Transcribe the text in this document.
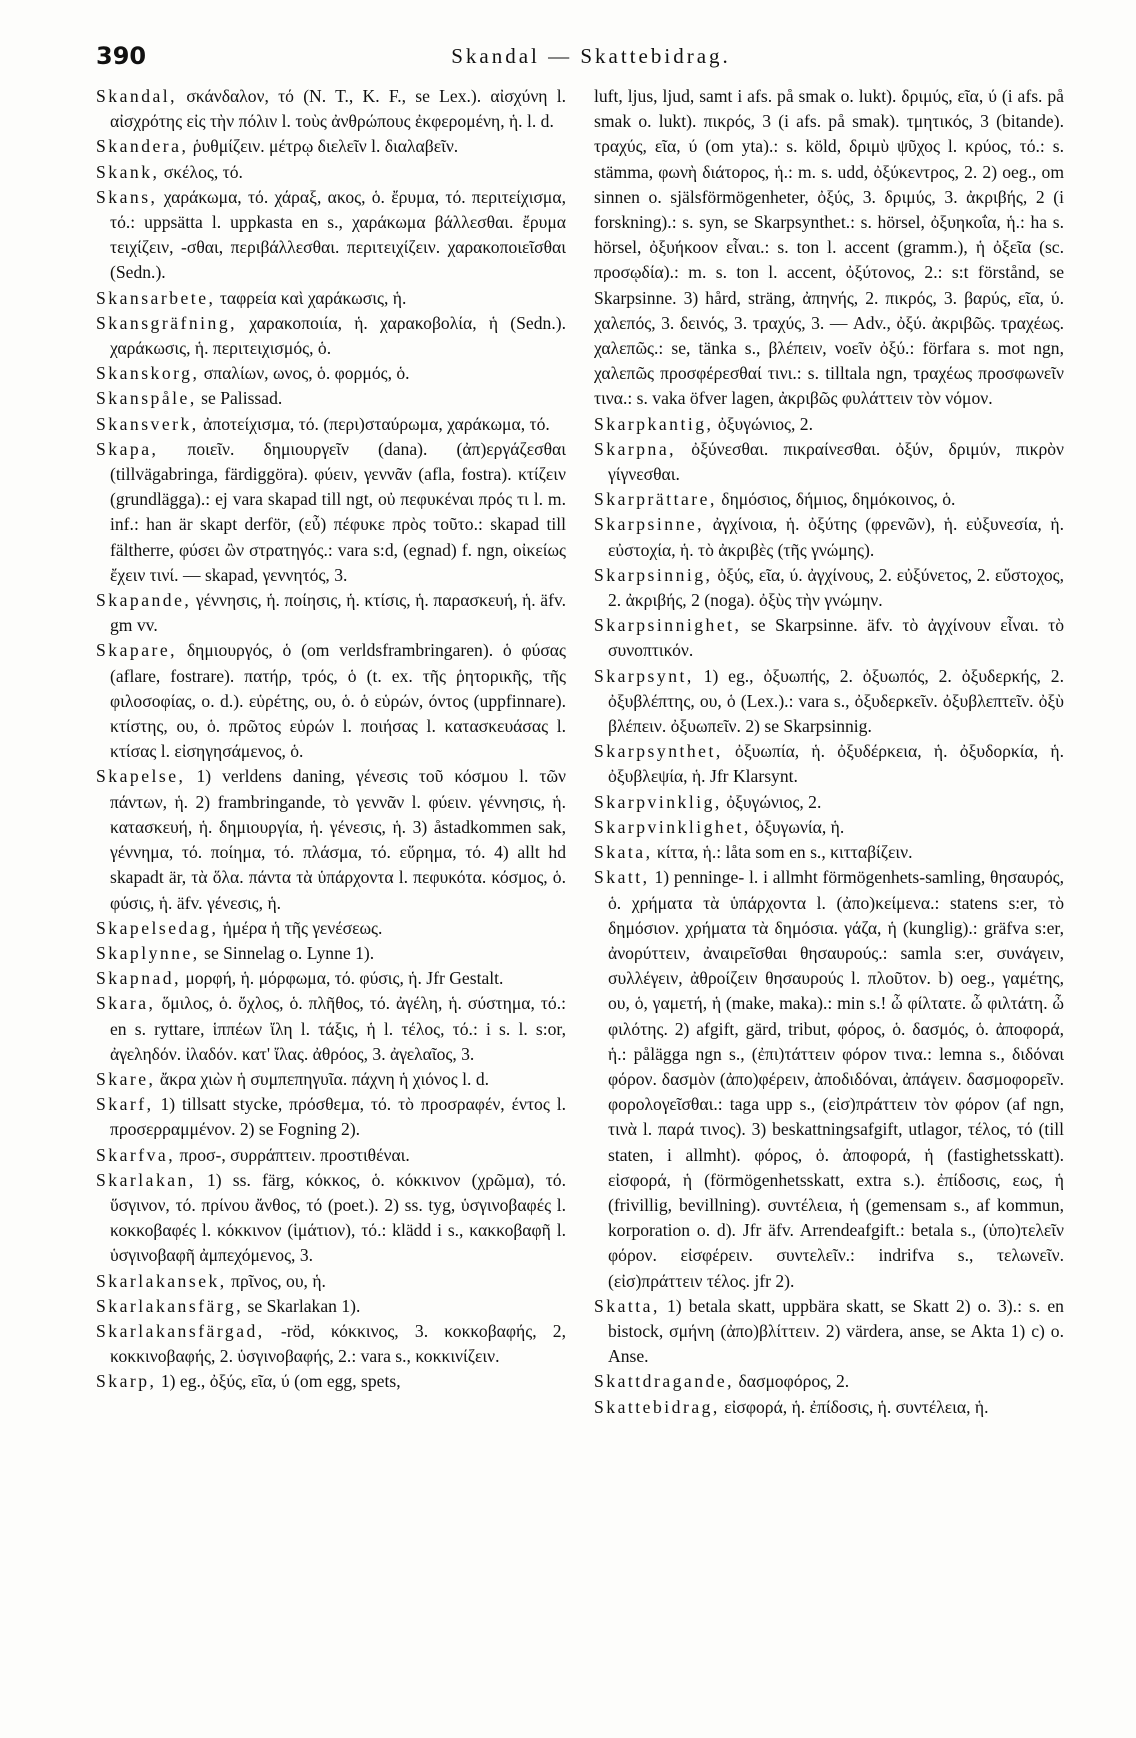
390	Skandal — Skattebidrag.

Skandal, σκάνδαλον, τό (N. T., K. F., se Lex.). αἰσχύνη l. αἰσχρότης εἰς τὴν πόλιν l. τοὺς ἀνθρώπους ἐκφερομένη, ἡ. l. d.

Skandera, ῥυθμίζειν. μέτρῳ διελεῖν l. διαλαβεῖν.

Skank, σκέλος, τό.

Skans, χαράκωμα, τό. χάραξ, ακος, ὁ. ἔρυμα, τό. περιτείχισμα, τό.: uppsätta l. uppkasta en s., χαράκωμα βάλλεσθαι. ἔρυμα τειχίζειν, -σθαι, περιβάλλεσθαι. περιτειχίζειν. χαρακοποιεῖσθαι (Sedn.).

Skansarbete, ταφρεία καὶ χαράκωσις, ἡ.

Skansgräfning, χαρακοποιία, ἡ. χαρακοβολία, ἡ (Sedn.). χαράκωσις, ἡ. περιτειχισμός, ὁ.

Skanskorg, σπαλίων, ωνος, ὁ. φορμός, ὁ.

Skanspåle, se Palissad.

Skansverk, ἀποτείχισμα, τό. (περι)σταύρωμα, χαράκωμα, τό.

Skapa, ποιεῖν. δημιουργεῖν (dana). (ἀπ)εργάζεσθαι (tillvägabringa, färdiggöra). φύειν, γεννᾶν (afla, fostra). κτίζειν (grundlägga).: ej vara skapad till ngt, οὐ πεφυκέναι πρός τι l. m. inf.: han är skapt derför, (εὖ) πέφυκε πρὸς τοῦτο.: skapad till fältherre, φύσει ὢν στρατηγός.: vara s:d, (egnad) f. ngn, οἰκείως ἔχειν τινί. — skapad, γεννητός, 3.

Skapande, γέννησις, ἡ. ποίησις, ἡ. κτίσις, ἡ. παρασκευή, ἡ. äfv. gm vv.

Skapare, δημιουργός, ὁ (om verldsframbringaren). ὁ φύσας (aflare, fostrare). πατήρ, τρός, ὁ (t. ex. τῆς ῥητορικῆς, τῆς φιλοσοφίας, o. d.). εὑρέτης, ου, ὁ. ὁ εὑρών, όντος (uppfinnare). κτίστης, ου, ὁ. πρῶτος εὑρών l. ποιήσας l. κατασκευάσας l. κτίσας l. εἰσηγησάμενος, ὁ.

Skapelse, 1) verldens daning, γένεσις τοῦ κόσμου l. τῶν πάντων, ἡ. 2) frambringande, τὸ γεννᾶν l. φύειν. γέννησις, ἡ. κατασκευή, ἡ. δημιουργία, ἡ. γένεσις, ἡ. 3) åstadkommen sak, γέννημα, τό. ποίημα, τό. πλάσμα, τό. εὕρημα, τό. 4) allt hd skapadt är, τὰ ὅλα. πάντα τὰ ὑπάρχοντα l. πεφυκότα. κόσμος, ὁ. φύσις, ἡ. äfv. γένεσις, ἡ.

Skapelsedag, ἡμέρα ἡ τῆς γενέσεως.

Skaplynne, se Sinnelag o. Lynne 1).

Skapnad, μορφή, ἡ. μόρφωμα, τό. φύσις, ἡ. Jfr Gestalt.

Skara, ὅμιλος, ὁ. ὄχλος, ὁ. πλῆθος, τό. ἀγέλη, ἡ. σύστημα, τό.: en s. ryttare, ἱππέων ἴλη l. τάξις, ἡ l. τέλος, τό.: i s. l. s:or, ἀγεληδόν. ἰλαδόν. κατ' ἴλας. ἀθρόος, 3. ἀγελαῖος, 3.

Skare, ἄκρα χιὼν ἡ συμπεπηγυῖα. πάχνη ἡ χιόνος l. d.

Skarf, 1) tillsatt stycke, πρόσθεμα, τό. τὸ προσραφέν, έντος l. προσερραμμένον. 2) se Fogning 2).

Skarfva, προσ-, συρράπτειν. προστιθέναι.

Skarlakan, 1) ss. färg, κόκκος, ὁ. κόκκινον (χρῶμα), τό. ὕσγινον, τό. πρίνου ἄνθος, τό (poet.). 2) ss. tyg, ὑσγινοβαφές l. κοκκοβαφές l. κόκκινον (ἱμάτιον), τό.: klädd i s., κακκοβαφῆ l. ὑσγινοβαφῆ ἀμπεχόμενος, 3.

Skarlakansek, πρῖνος, ου, ἡ.

Skarlakansfärg, se Skarlakan 1).

Skarlakansfärgad, -röd, κόκκινος, 3. κοκκοβαφής, 2, κοκκινοβαφής, 2. ὑσγινοβαφής, 2.: vara s., κοκκινίζειν.

Skarp, 1) eg., ὀξύς, εῖα, ύ (om egg, spets,

luft, ljus, ljud, samt i afs. på smak o. lukt). δριμύς, εῖα, ύ (i afs. på smak o. lukt). πικρός, 3 (i afs. på smak). τμητικός, 3 (bitande). τραχύς, εῖα, ύ (om yta).: s. köld, δριμὺ ψῦχος l. κρύος, τό.: s. stämma, φωνὴ διάτορος, ἡ.: m. s. udd, ὀξύκεντρος, 2. 2) oeg., om sinnen o. själsförmögenheter, ὀξύς, 3. δριμύς, 3. ἀκριβής, 2 (i forskning).: s. syn, se Skarpsynthet.: s. hörsel, ὀξυηκοΐα, ἡ.: ha s. hörsel, ὀξυήκοον εἶναι.: s. ton l. accent (gramm.), ἡ ὀξεῖα (sc. προσῳδία).: m. s. ton l. accent, ὀξύτονος, 2.: s:t förstånd, se Skarpsinne. 3) hård, sträng, ἀπηνής, 2. πικρός, 3. βαρύς, εῖα, ύ. χαλεπός, 3. δεινός, 3. τραχύς, 3. — Adv., ὀξύ. ἀκριβῶς. τραχέως. χαλεπῶς.: se, tänka s., βλέπειν, νοεῖν ὀξύ.: förfara s. mot ngn, χαλεπῶς προσφέρεσθαί τινι.: s. tilltala ngn, τραχέως προσφωνεῖν τινα.: s. vaka öfver lagen, ἀκριβῶς φυλάττειν τὸν νόμον.

Skarpkantig, ὀξυγώνιος, 2.

Skarpna, ὀξύνεσθαι. πικραίνεσθαι. ὀξύν, δριμύν, πικρὸν γίγνεσθαι.

Skarprättare, δημόσιος, δήμιος, δημόκοινος, ὁ.

Skarpsinne, ἀγχίνοια, ἡ. ὀξύτης (φρενῶν), ἡ. εὐξυνεσία, ἡ. εὐστοχία, ἡ. τὸ ἀκριβὲς (τῆς γνώμης).

Skarpsinnig, ὀξύς, εῖα, ύ. ἀγχίνους, 2. εὐξύνετος, 2. εὔστοχος, 2. ἀκριβής, 2 (noga). ὀξὺς τὴν γνώμην.

Skarpsinnighet, se Skarpsinne. äfv. τὸ ἀγχίνουν εἶναι. τὸ συνοπτικόν.

Skarpsynt, 1) eg., ὀξυωπής, 2. ὀξυωπός, 2. ὀξυδερκής, 2. ὀξυβλέπτης, ου, ὁ (Lex.).: vara s., ὀξυδερκεῖν. ὀξυβλεπτεῖν. ὀξὺ βλέπειν. ὀξυωπεῖν. 2) se Skarpsinnig.

Skarpsynthet, ὀξυωπία, ἡ. ὀξυδέρκεια, ἡ. ὀξυδορκία, ἡ. ὀξυβλεψία, ἡ. Jfr Klarsynt.

Skarpvinklig, ὀξυγώνιος, 2.

Skarpvinklighet, ὀξυγωνία, ἡ.

Skata, κίττα, ἡ.: låta som en s., κιτταβίζειν.

Skatt, 1) penninge- l. i allmht förmögenhets-samling, θησαυρός, ὁ. χρήματα τὰ ὑπάρχοντα l. (ἀπο)κείμενα.: statens s:er, τὸ δημόσιον. χρήματα τὰ δημόσια. γάζα, ἡ (kunglig).: gräfva s:er, ἀνορύττειν, ἀναιρεῖσθαι θησαυρούς.: samla s:er, συνάγειν, συλλέγειν, ἀθροίζειν θησαυρούς l. πλοῦτον. b) oeg., γαμέτης, ου, ὁ, γαμετή, ἡ (make, maka).: min s.! ὦ φίλτατε. ὦ φιλτάτη. ὦ φιλότης. 2) afgift, gärd, tribut, φόρος, ὁ. δασμός, ὁ. ἀποφορά, ἡ.: pålägga ngn s., (ἐπι)τάττειν φόρον τινα.: lemna s., διδόναι φόρον. δασμὸν (ἀπο)φέρειν, ἀποδιδόναι, ἀπάγειν. δασμοφορεῖν. φορολογεῖσθαι.: taga upp s., (εἰσ)πράττειν τὸν φόρον (af ngn, τινὰ l. παρά τινος). 3) beskattningsafgift, utlagor, τέλος, τό (till staten, i allmht). φόρος, ὁ. ἀποφορά, ἡ (fastighetsskatt). εἰσφορά, ἡ (förmögenhetsskatt, extra s.). ἐπίδοσις, εως, ἡ (frivillig, bevillning). συντέλεια, ἡ (gemensam s., af kommun, korporation o. d). Jfr äfv. Arrendeafgift.: betala s., (ὑπο)τελεῖν φόρον. εἰσφέρειν. συντελεῖν.: indrifva s., τελωνεῖν. (εἰσ)πράττειν τέλος. jfr 2).

Skatta, 1) betala skatt, uppbära skatt, se Skatt 2) o. 3).: s. en bistock, σμήνη (ἀπο)βλίττειν. 2) värdera, anse, se Akta 1) c) o. Anse.

Skattdragande, δασμοφόρος, 2.

Skattebidrag, εἰσφορά, ἡ. ἐπίδοσις, ἡ. συντέλεια, ἡ.
